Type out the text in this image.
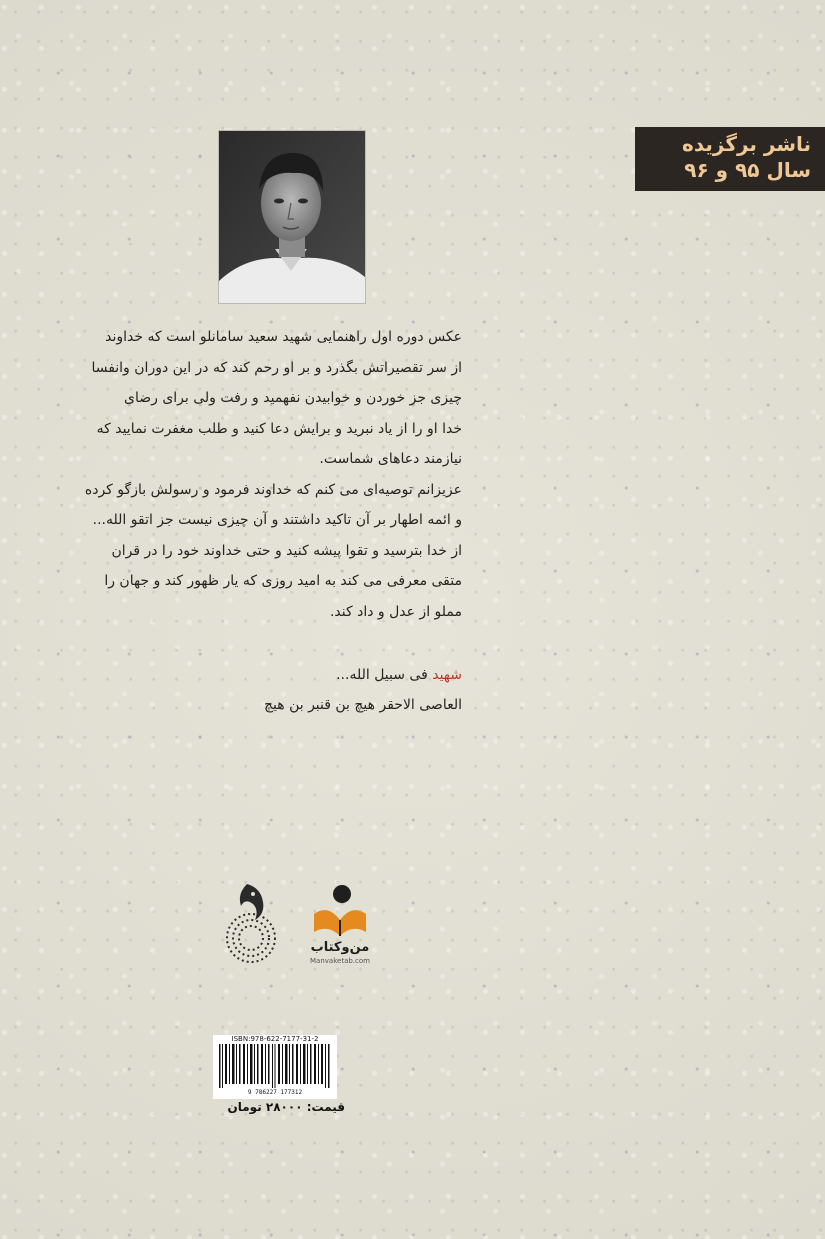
ناشر برگزیده
سال ۹۵ و ۹۶

عکس دوره اول راهنمایی شهید سعید سامانلو است که خداوند
از سر تقصیراتش بگذرد و بر او رحم کند که در این دوران وانفسا
چیزی جز خوردن و خوابیدن نفهمید و رفت ولی برای رضای
خدا او را از یاد نبرید و برایش دعا کنید و طلب مغفرت نمایید که
نیازمند دعاهای شماست.

عزیزانم توصیه‌ای می کنم که خداوند فرمود و رسولش بازگو کرده
و ائمه اطهار بر آن تاکید داشتند و آن چیزی نیست جز اتقو الله...
از خدا بترسید و تقوا پیشه کنید و حتی خداوند خود را در قران
متقی معرفی می کند به امید روزی که یار ظهور کند و جهان را
مملو از عدل و داد کند.

شهید فی سبیل الله...
العاصی الاحقر هیچ بن قنبر بن هیچ
من‌وکتاب
Manvaketab.com
ISBN:978-622-7177-31-2
9 786227 177312
قیمت: ۲۸۰۰۰ تومان
